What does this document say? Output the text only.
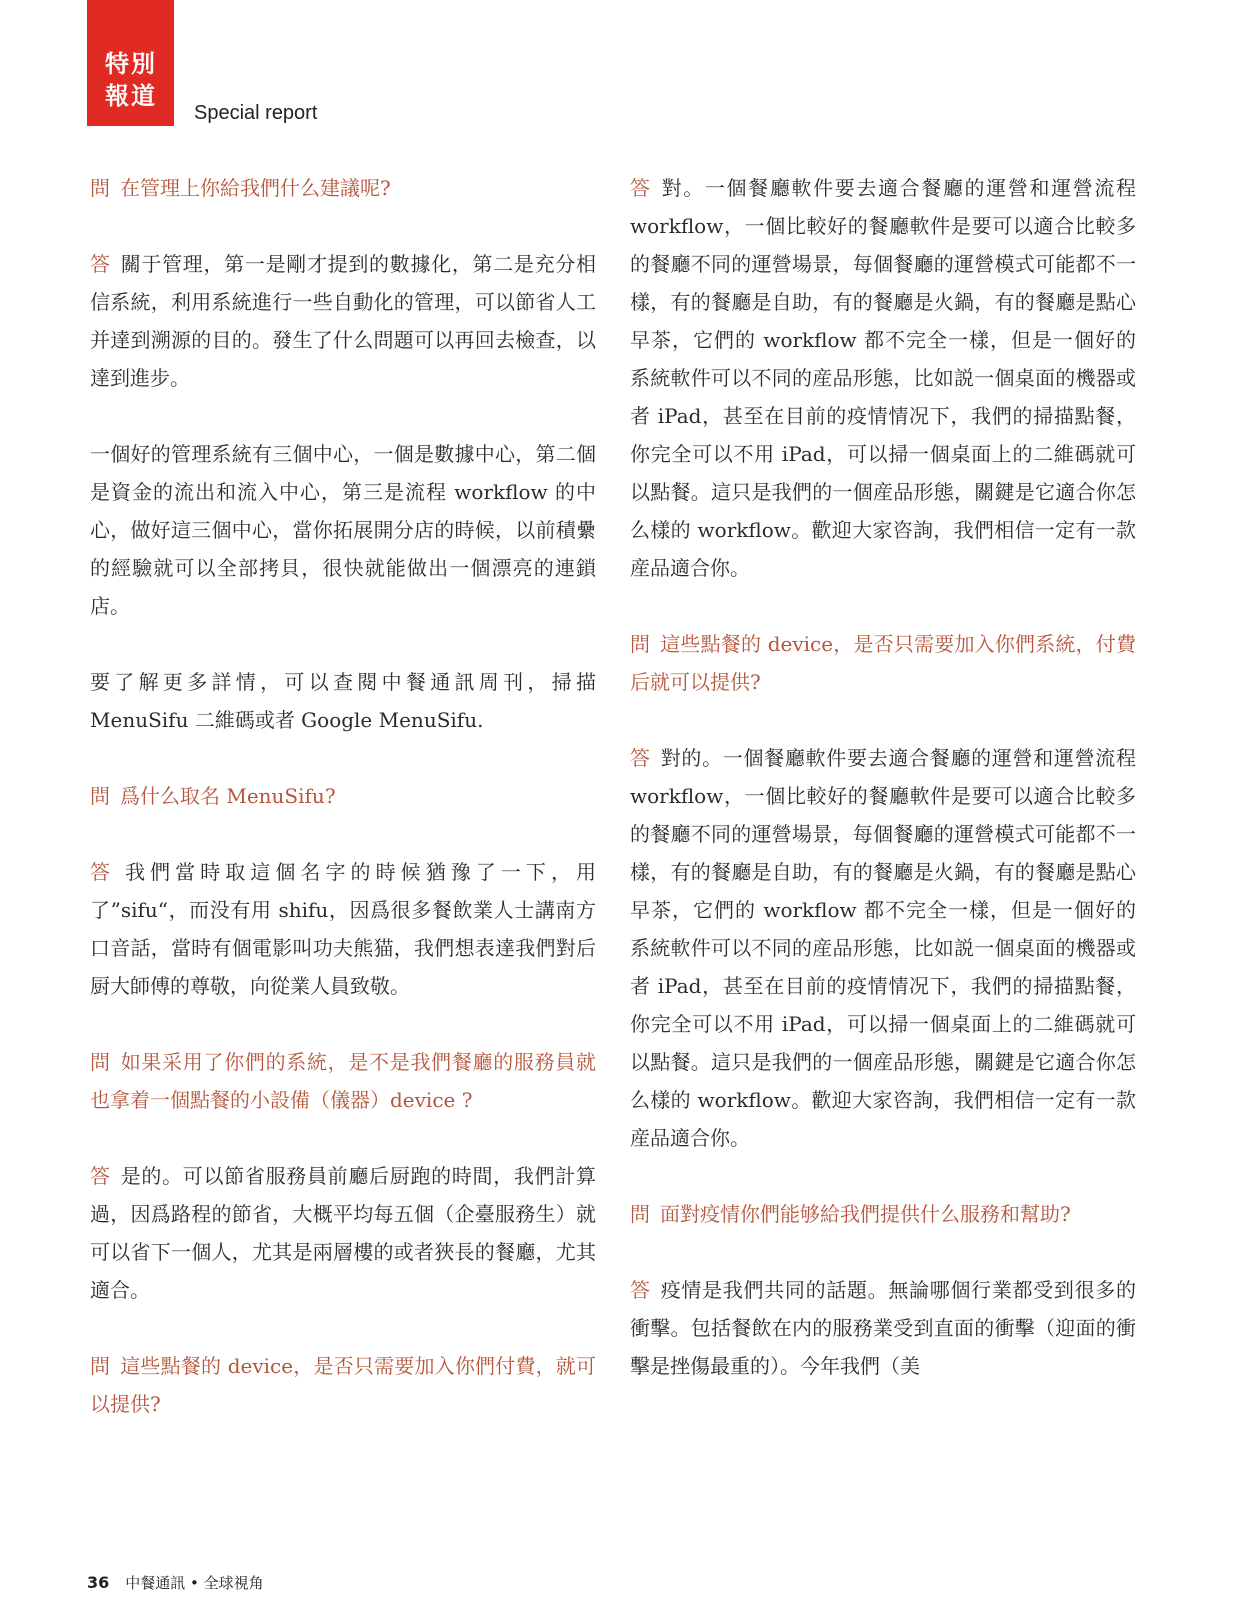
特別
報道
Special report

問 在管理上你給我們什么建議呢?

答 關于管理，第一是剛才提到的數據化，第二是充分相信系統，利用系統進行一些自動化的管理，可以節省人工并達到溯源的目的。發生了什么問題可以再回去檢查，以達到進步。

一個好的管理系統有三個中心，一個是數據中心，第二個是資金的流出和流入中心，第三是流程 workflow 的中心，做好這三個中心，當你拓展開分店的時候，以前積纍的經驗就可以全部拷貝，很快就能做出一個漂亮的連鎖店。

要了解更多詳情，可以查閱中餐通訊周刊，掃描 MenuSifu 二維碼或者 Google MenuSifu.

問 爲什么取名 MenuSifu?

答 我們當時取這個名字的時候猶豫了一下，用了”sifu“，而没有用 shifu，因爲很多餐飲業人士講南方口音話，當時有個電影叫功夫熊猫，我們想表達我們對后厨大師傅的尊敬，向從業人員致敬。

問 如果采用了你們的系統，是不是我們餐廳的服務員就也拿着一個點餐的小設備（儀器）device ?

答 是的。可以節省服務員前廳后厨跑的時間，我們計算過，因爲路程的節省，大概平均每五個（企臺服務生）就可以省下一個人，尤其是兩層樓的或者狹長的餐廳，尤其適合。

問 這些點餐的 device，是否只需要加入你們付費，就可以提供?

答 對。一個餐廳軟件要去適合餐廳的運營和運營流程 workflow，一個比較好的餐廳軟件是要可以適合比較多的餐廳不同的運營場景，每個餐廳的運營模式可能都不一樣，有的餐廳是自助，有的餐廳是火鍋，有的餐廳是點心早茶，它們的 workflow 都不完全一樣，但是一個好的系統軟件可以不同的産品形態，比如説一個桌面的機器或者 iPad，甚至在目前的疫情情况下，我們的掃描點餐，你完全可以不用 iPad，可以掃一個桌面上的二維碼就可以點餐。這只是我們的一個産品形態，關鍵是它適合你怎么樣的 workflow。歡迎大家咨詢，我們相信一定有一款産品適合你。

問 這些點餐的 device，是否只需要加入你們系統，付費后就可以提供?

答 對的。一個餐廳軟件要去適合餐廳的運營和運營流程 workflow，一個比較好的餐廳軟件是要可以適合比較多的餐廳不同的運營場景，每個餐廳的運營模式可能都不一樣，有的餐廳是自助，有的餐廳是火鍋，有的餐廳是點心早茶，它們的 workflow 都不完全一樣，但是一個好的系統軟件可以不同的産品形態，比如説一個桌面的機器或者 iPad，甚至在目前的疫情情况下，我們的掃描點餐，你完全可以不用 iPad，可以掃一個桌面上的二維碼就可以點餐。這只是我們的一個産品形態，關鍵是它適合你怎么樣的 workflow。歡迎大家咨詢，我們相信一定有一款産品適合你。

問 面對疫情你們能够給我們提供什么服務和幫助?

答 疫情是我們共同的話題。無論哪個行業都受到很多的衝擊。包括餐飲在内的服務業受到直面的衝擊（迎面的衝擊是挫傷最重的）。今年我們（美

36 中餐通訊 • 全球視角
